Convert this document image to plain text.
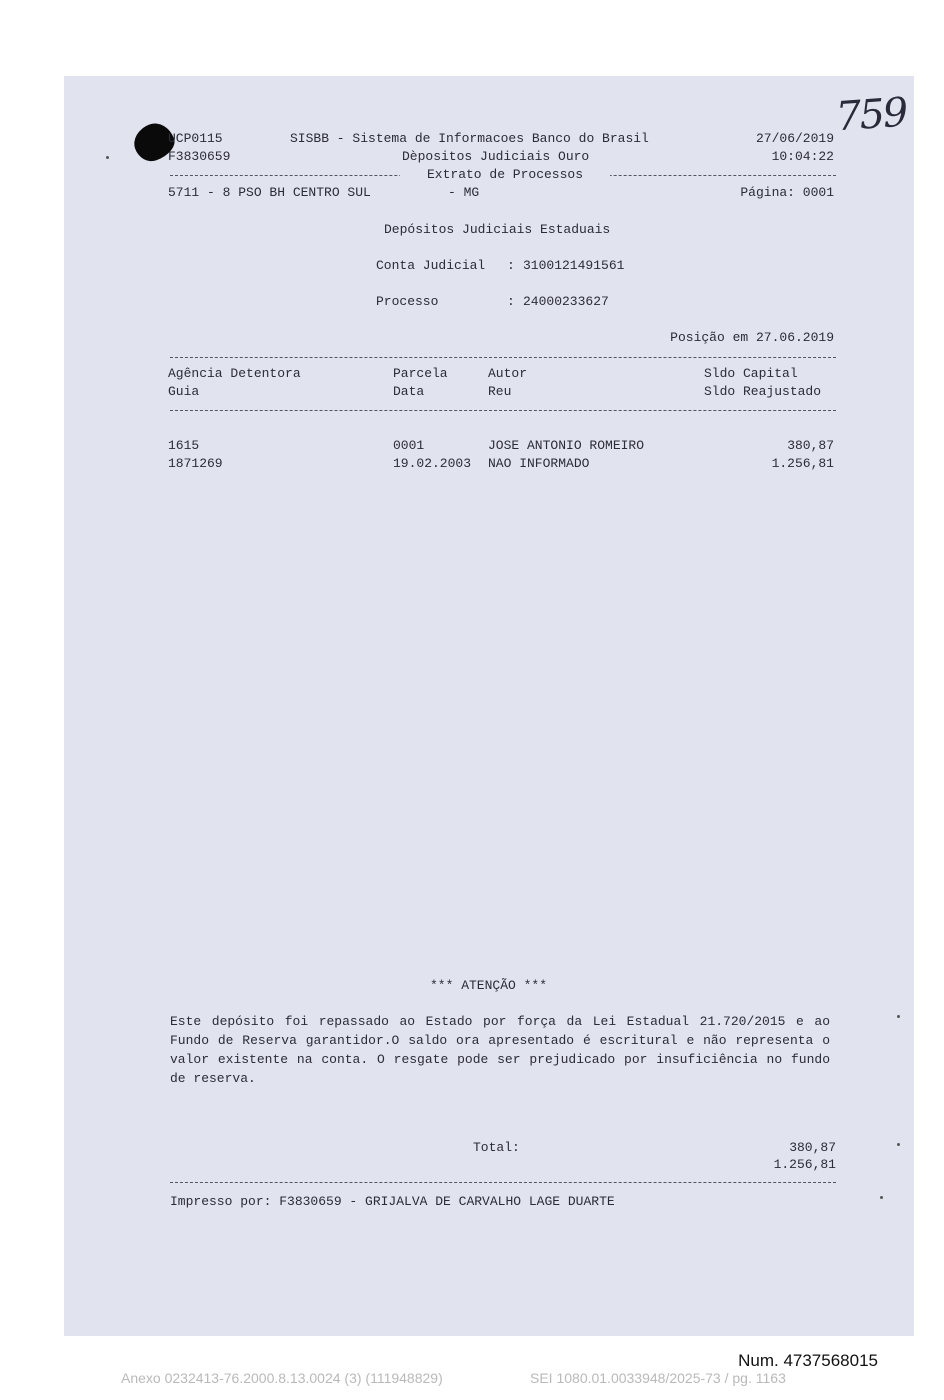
759
UCP0115	SISBB - Sistema de Informacoes Banco do Brasil	27/06/2019
F3830659	Dèpositos Judiciais Ouro	10:04:22
Extrato de Processos
5711 - 8 PSO BH CENTRO SUL	- MG	Página: 0001
Depósitos Judiciais Estaduais
Conta Judicial : 3100121491561
Processo	: 24000233627
Posição em 27.06.2019
Agência Detentora	Parcela	Autor	Sldo Capital
Guia	Data	Reu	Sldo Reajustado
1615	0001	JOSE ANTONIO ROMEIRO	380,87
1871269	19.02.2003 NAO INFORMADO	1.256,81
*** ATENÇÃO ***
Este depósito foi repassado ao Estado por força da Lei Estadual 21.720/2015 e ao Fundo de Reserva garantidor.O saldo ora apresentado é escritural e não representa o valor existente na conta. O resgate pode ser prejudicado por insuficiência no fundo de reserva.
Total:	380,87
1.256,81
Impresso por: F3830659 - GRIJALVA DE CARVALHO LAGE DUARTE
Num. 4737568015
Anexo 0232413-76.2000.8.13.0024 (3) (111948829)	SEI 1080.01.0033948/2025-73 / pg. 1163
